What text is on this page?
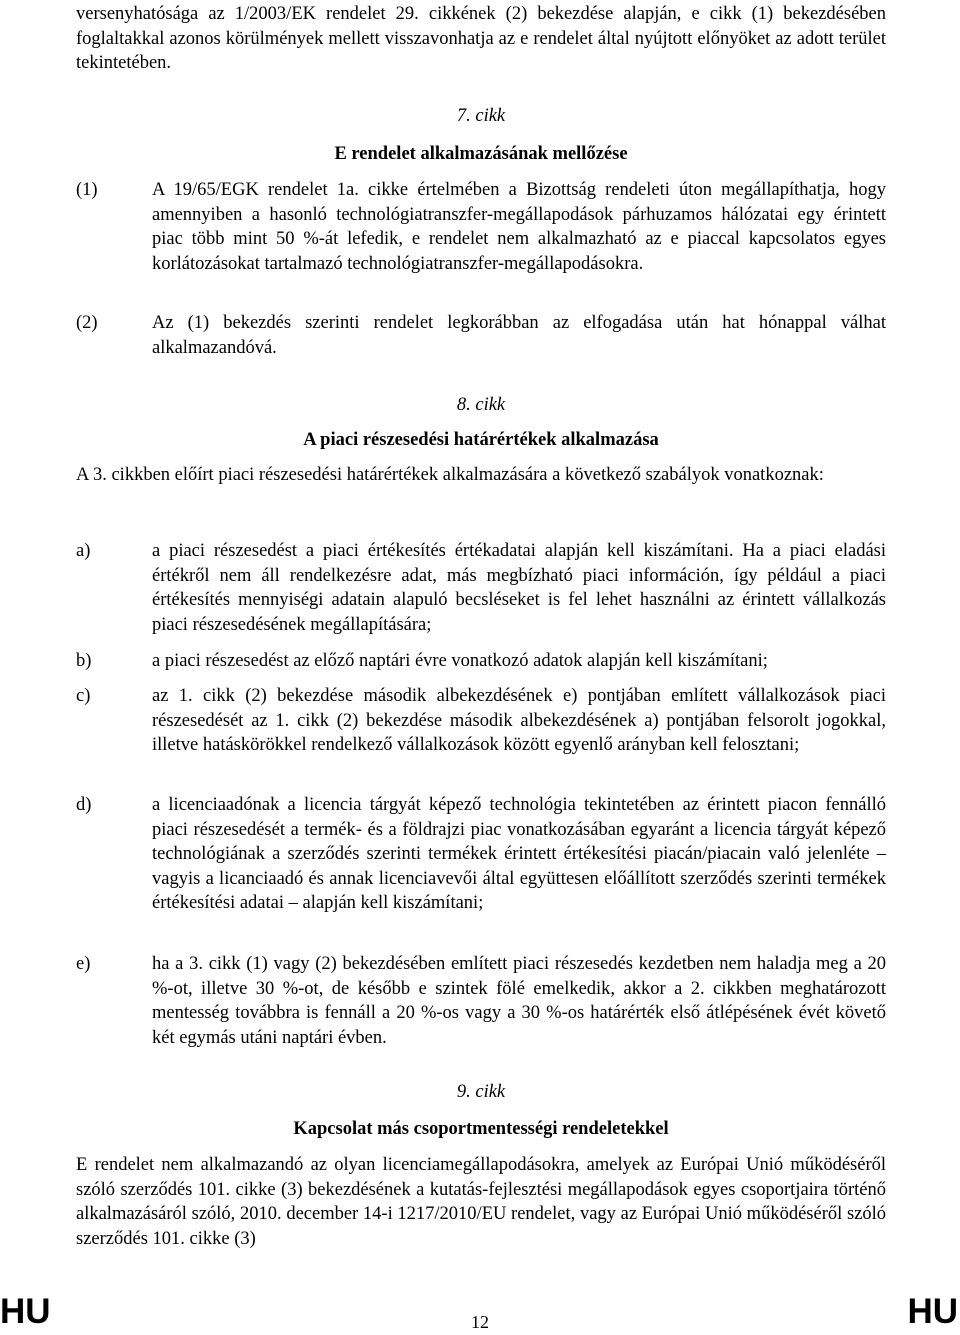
versenyhatósága az 1/2003/EK rendelet 29. cikkének (2) bekezdése alapján, e cikk (1) bekezdésében foglaltakkal azonos körülmények mellett visszavonhatja az e rendelet által nyújtott előnyöket az adott terület tekintetében.
7. cikk
E rendelet alkalmazásának mellőzése
(1)	A 19/65/EGK rendelet 1a. cikke értelmében a Bizottság rendeleti úton megállapíthatja, hogy amennyiben a hasonló technológiatranszfer-megállapodások párhuzamos hálózatai egy érintett piac több mint 50 %-át lefedik, e rendelet nem alkalmazható az e piaccal kapcsolatos egyes korlátozásokat tartalmazó technológiatranszfer-megállapodásokra.
(2)	Az (1) bekezdés szerinti rendelet legkorábban az elfogadása után hat hónappal válhat alkalmazandóvá.
8. cikk
A piaci részesedési határértékek alkalmazása
A 3. cikkben előírt piaci részesedési határértékek alkalmazására a következő szabályok vonatkoznak:
a)	a piaci részesedést a piaci értékesítés értékadatai alapján kell kiszámítani. Ha a piaci eladási értékről nem áll rendelkezésre adat, más megbízható piaci információn, így például a piaci értékesítés mennyiségi adatain alapuló becsléseket is fel lehet használni az érintett vállalkozás piaci részesedésének megállapítására;
b)	a piaci részesedést az előző naptári évre vonatkozó adatok alapján kell kiszámítani;
c)	az 1. cikk (2) bekezdése második albekezdésének e) pontjában említett vállalkozások piaci részesedését az 1. cikk (2) bekezdése második albekezdésének a) pontjában felsorolt jogokkal, illetve hatáskörökkel rendelkező vállalkozások között egyenlő arányban kell felosztani;
d)	a licenciaadónak a licencia tárgyát képező technológia tekintetében az érintett piacon fennálló piaci részesedését a termék- és a földrajzi piac vonatkozásában egyaránt a licencia tárgyát képező technológiának a szerződés szerinti termékek érintett értékesítési piacán/piacain való jelenléte – vagyis a licanciaadó és annak licenciavevői által együttesen előállított szerződés szerinti termékek értékesítési adatai – alapján kell kiszámítani;
e)	ha a 3. cikk (1) vagy (2) bekezdésében említett piaci részesedés kezdetben nem haladja meg a 20 %-ot, illetve 30 %-ot, de később e szintek fölé emelkedik, akkor a 2. cikkben meghatározott mentesség továbbra is fennáll a 20 %-os vagy a 30 %-os határérték első átlépésének évét követő két egymás utáni naptári évben.
9. cikk
Kapcsolat más csoportmentességi rendeletekkel
E rendelet nem alkalmazandó az olyan licenciamegállapodásokra, amelyek az Európai Unió működéséről szóló szerződés 101. cikke (3) bekezdésének a kutatás-fejlesztési megállapodások egyes csoportjaira történő alkalmazásáról szóló, 2010. december 14-i 1217/2010/EU rendelet, vagy az Európai Unió működéséről szóló szerződés 101. cikke (3)
HU	12	HU
